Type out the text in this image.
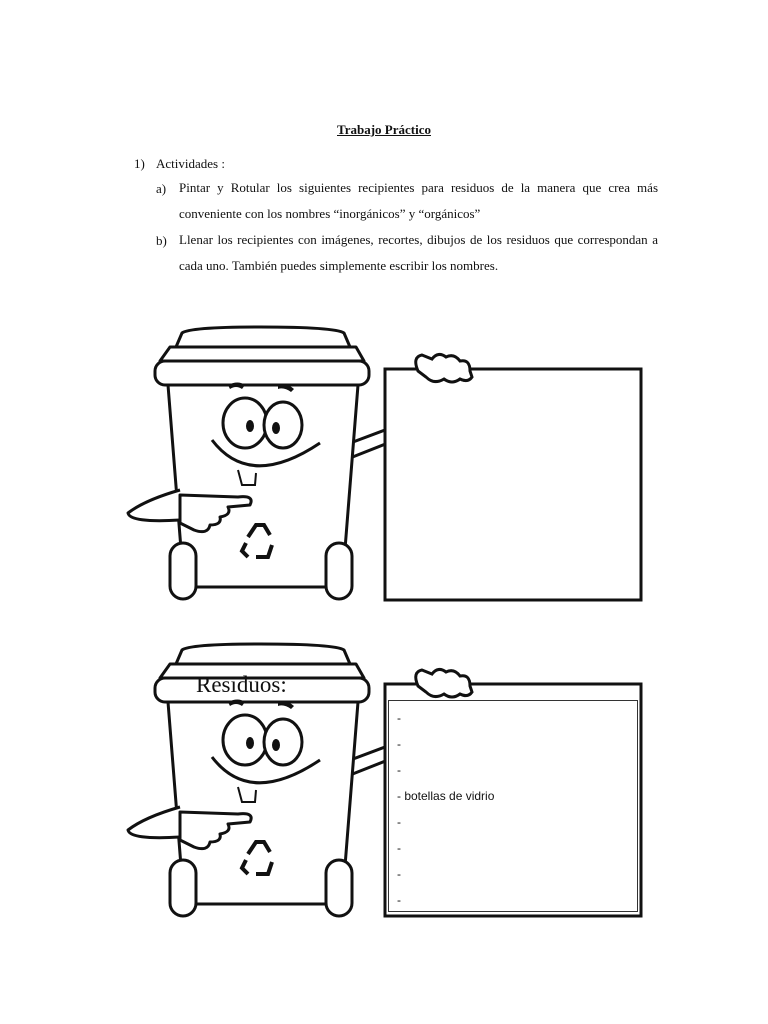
Trabajo Práctico
1) Actividades :
a) Pintar y Rotular los siguientes recipientes para residuos de la manera que crea más conveniente con los nombres “inorgánicos” y “orgánicos”
b) Llenar los recipientes con imágenes, recortes, dibujos de los residuos que correspondan a cada uno. También puedes simplemente escribir los nombres.
Residuos:
-
-
-
- botellas de vidrio
-
-
-
-
